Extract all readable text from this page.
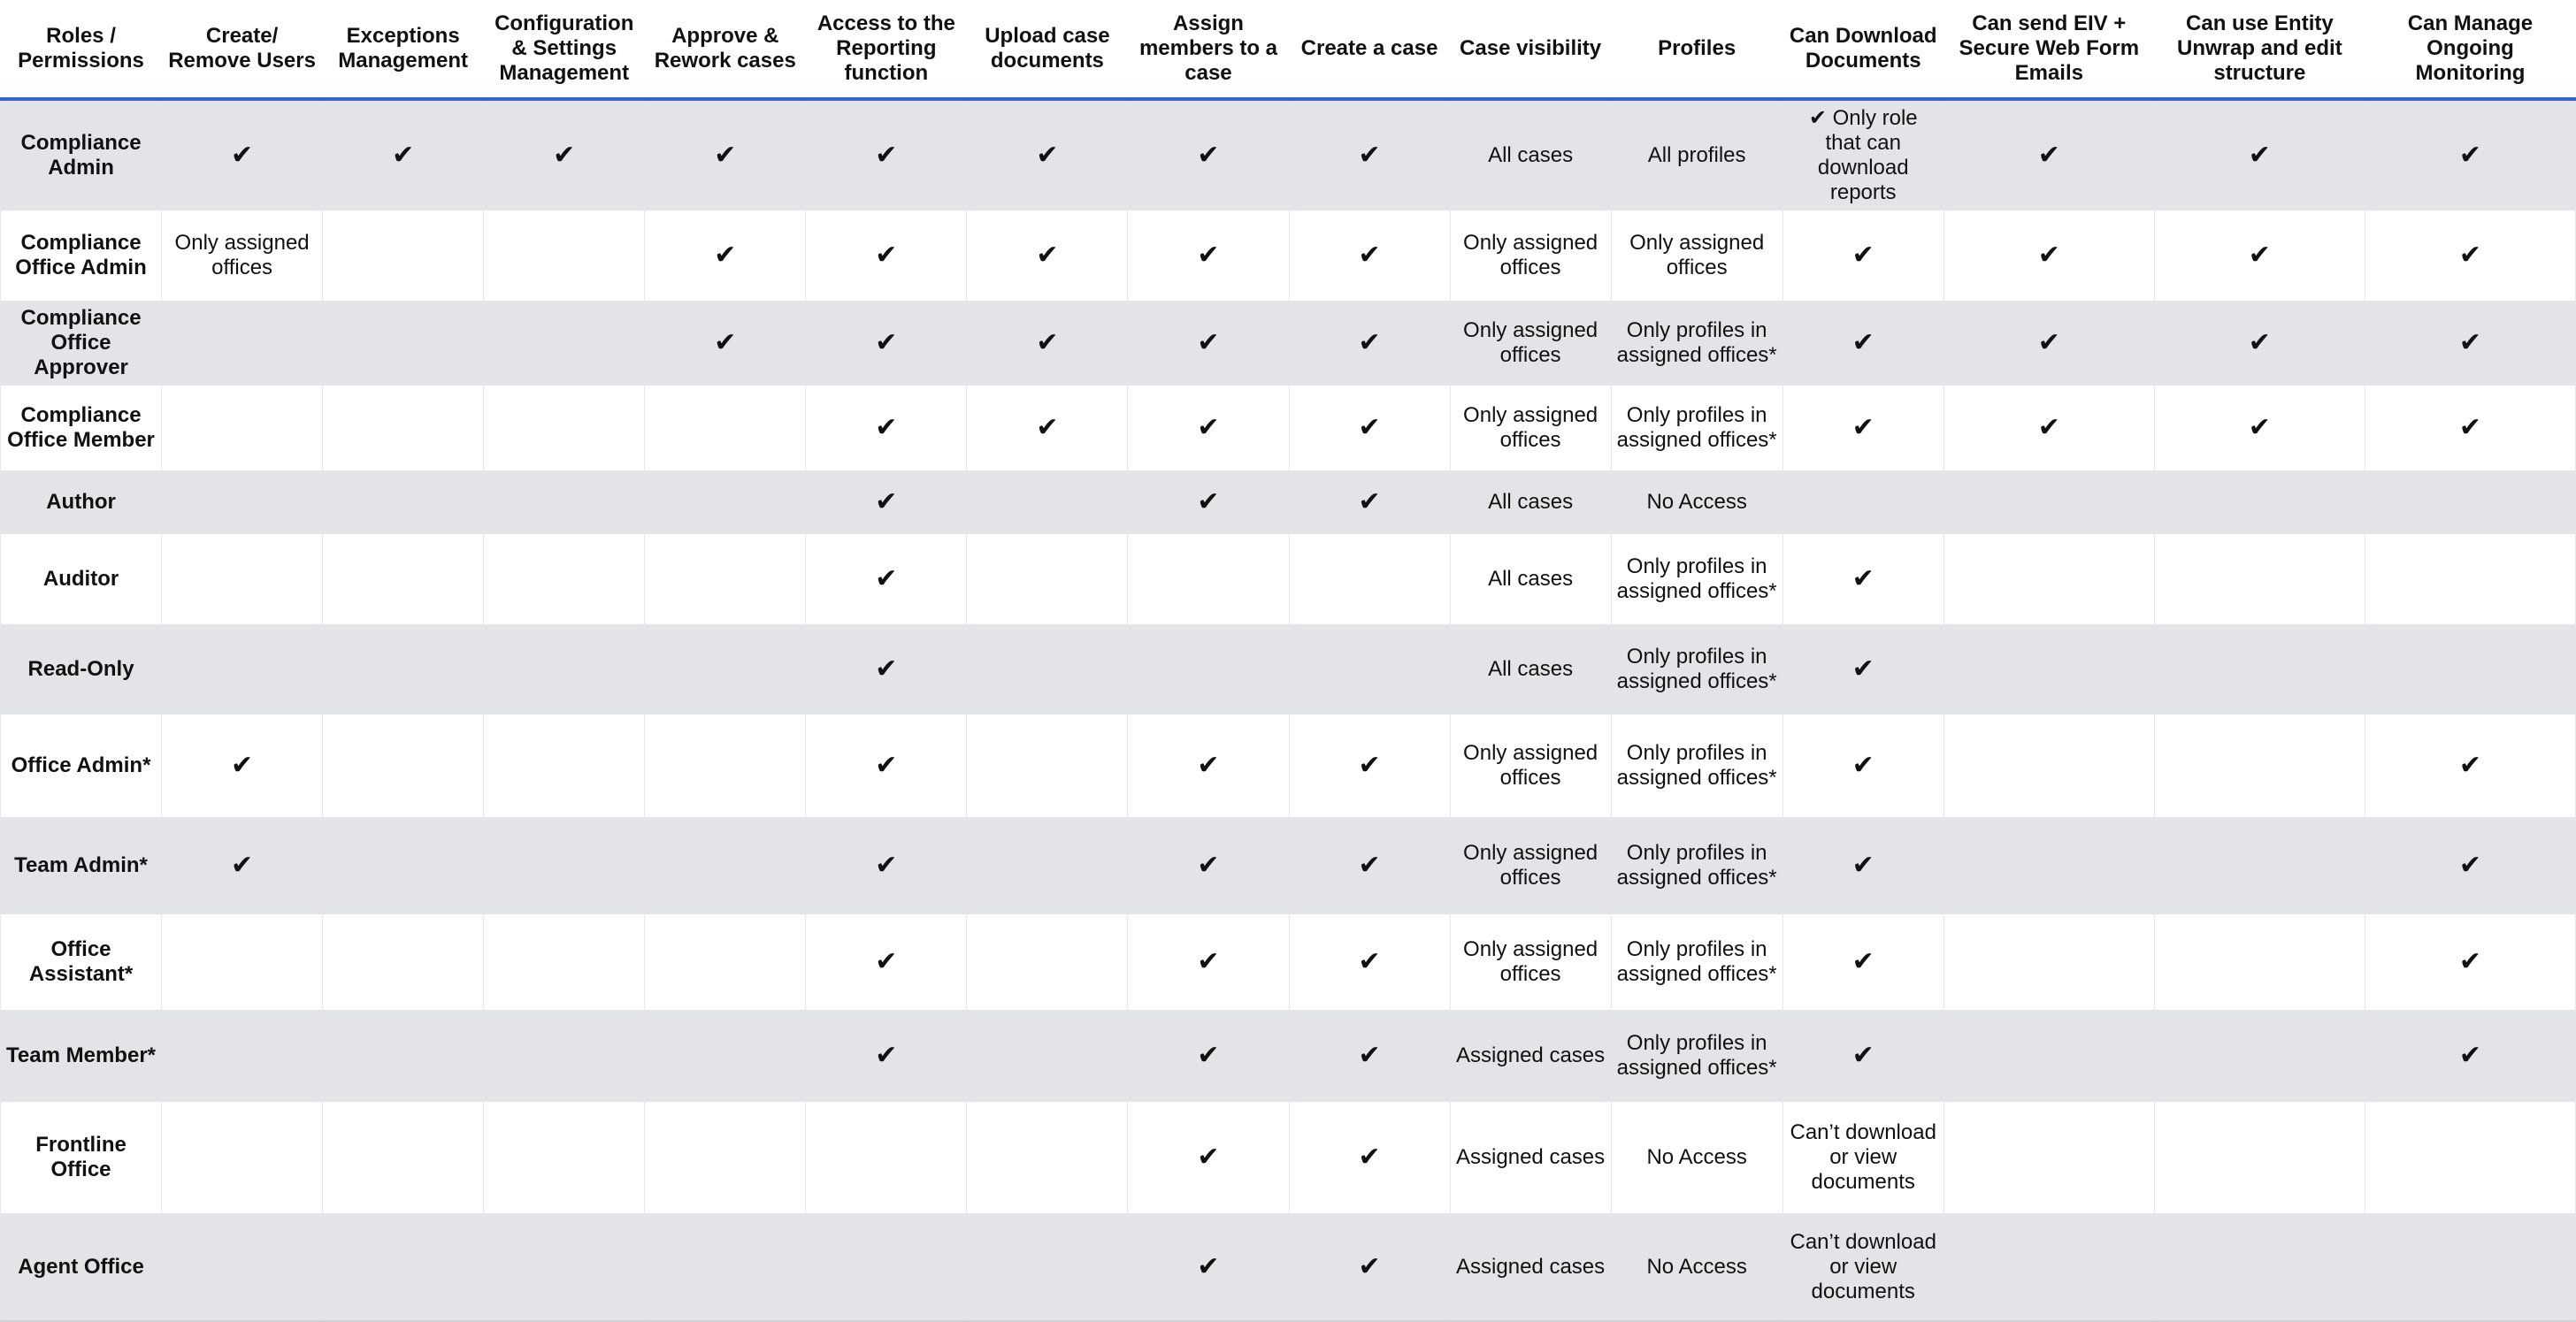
Roles / Permissions	Create/ Remove Users	Exceptions Management	Configuration & Settings Management	Approve & Rework cases	Access to the Reporting function	Upload case documents	Assign members to a case	Create a case	Case visibility	Profiles	Can Download Documents	Can send EIV + Secure Web Form Emails	Can use Entity Unwrap and edit structure	Can Manage Ongoing Monitoring
Compliance Admin	✔	✔	✔	✔	✔	✔	✔	✔	All cases	All profiles	✔ Only role that can download reports	✔	✔	✔
Compliance Office Admin	Only assigned offices			✔	✔	✔	✔	✔	Only assigned offices	Only assigned offices	✔	✔	✔	✔
Compliance Office Approver				✔	✔	✔	✔	✔	Only assigned offices	Only profiles in assigned offices*	✔	✔	✔	✔
Compliance Office Member					✔	✔	✔	✔	Only assigned offices	Only profiles in assigned offices*	✔	✔	✔	✔
Author					✔		✔	✔	All cases	No Access				
Auditor					✔				All cases	Only profiles in assigned offices*	✔			
Read-Only					✔				All cases	Only profiles in assigned offices*	✔			
Office Admin*	✔				✔		✔	✔	Only assigned offices	Only profiles in assigned offices*	✔			✔
Team Admin*	✔				✔		✔	✔	Only assigned offices	Only profiles in assigned offices*	✔			✔
Office Assistant*					✔		✔	✔	Only assigned offices	Only profiles in assigned offices*	✔			✔
Team Member*					✔		✔	✔	Assigned cases	Only profiles in assigned offices*	✔			✔
Frontline Office							✔	✔	Assigned cases	No Access	Can’t download or view documents			
Agent Office							✔	✔	Assigned cases	No Access	Can’t download or view documents			
